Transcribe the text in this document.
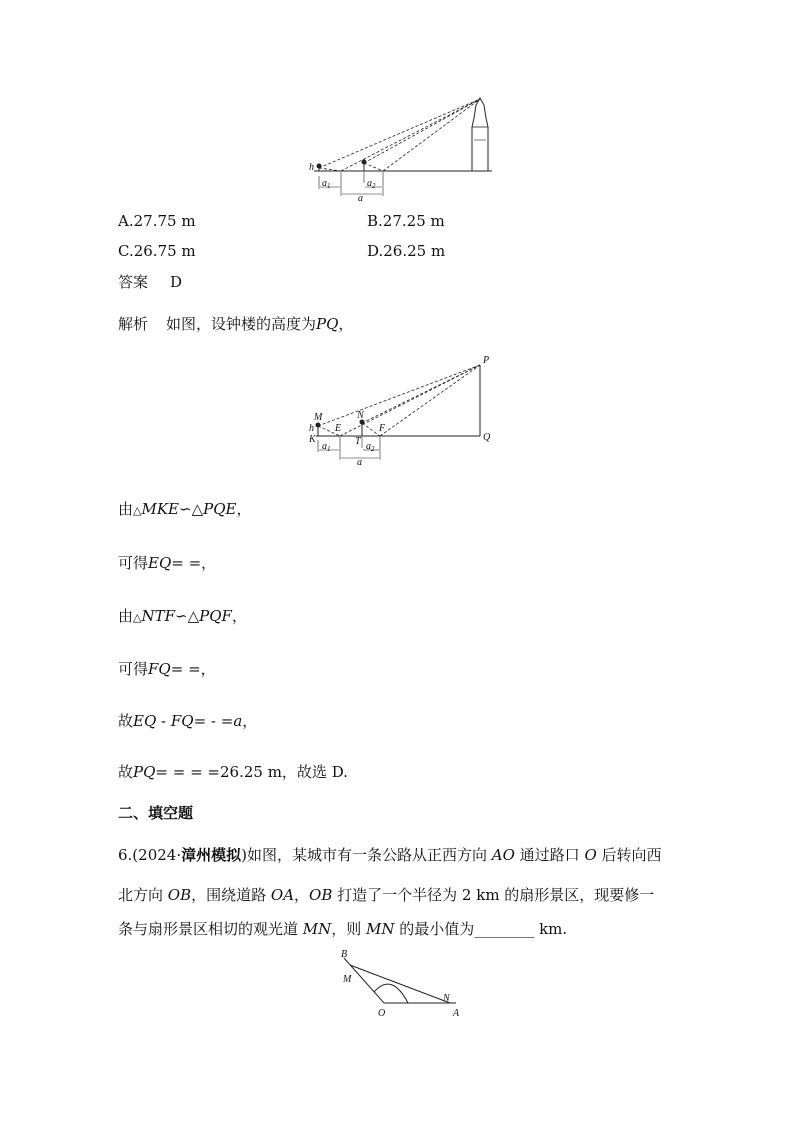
h
$a_1$	$a_2$
a
P
Q
M	N
h
K
E
T
F
$a_1$	$a_2$
a
B
M
N
O	A
A.27.75 m	B.27.25 m
C.26.75 m	D.26.25 m
答案 D
解析 如图，设钟楼的高度为PQ，
由△MKE∽△PQE，
可得EQ= =，
由△NTF∽△PQF，
可得FQ= =，
故EQ - FQ= - =a，
故PQ= = = =26.25 m，故选 D.
二、填空题
6.(2024·漳州模拟)如图，某城市有一条公路从正西方向 AO 通过路口 O 后转向西
北方向 OB，围绕道路 OA，OB 打造了一个半径为 2 km 的扇形景区，现要修一
条与扇形景区相切的观光道 MN，则 MN 的最小值为________ km.
